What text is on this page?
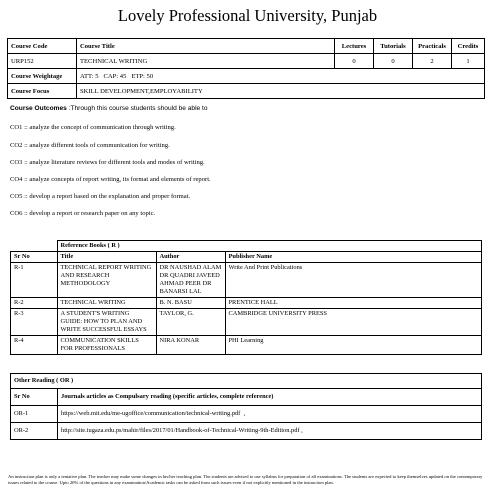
Lovely Professional University, Punjab
Course Code	Course Title	Lectures	Tutorials	Practicals	Credits
URP152	TECHNICAL WRITING	0	0	2	1
Course Weightage	ATT: 5   CAP: 45   ETP: 50				
Course Focus	SKILL DEVELOPMENT,EMPLOYABILITY				
Course Outcomes :Through this course students should be able to
CO1 :: analyze the concept of communication through writing.
CO2 :: analyze different tools of communication for writing.
CO3 :: analyze literature reviews for different tools and modes of writing.
CO4 :: analyze concepts of report writing, its format and elements of report.
CO5 :: develop a report based on the explanation and proper format.
CO6 :: develop a report or research paper on any topic.
	Reference Books ( R )		
Sr No	Title	Author	Publisher Name
R-1	TECHNICAL REPORT WRITING AND RESEARCH METHODOLOGY	DR NAUSHAD ALAM DR QUADRI JAVEED AHMAD PEER DR BANARSI LAL	Write And Print Publications
R-2	TECHNICAL WRITING	B. N. BASU	PRENTICE HALL
R-3	A STUDENT'S WRITING GUIDE: HOW TO PLAN AND WRITE SUCCESSFUL ESSAYS	TAYLOR, G.	CAMBRIDGE UNIVERSITY PRESS
R-4	COMMUNICATION SKILLS FOR PROFESSIONALS	NIRA KONAR	PHI Learning
Other Reading ( OR )	
Sr No	Journals articles as Compulsary reading (specific articles, complete reference)
OR-1	https://web.mit.edu/me-ugoffice/communication/technical-writing.pdf  ,
OR-2	http://site.iugaza.edu.ps/mahir/files/2017/01/Handbook-of-Technical-Writing-9th-Edition.pdf ,
An instruction plan is only a tentative plan. The teacher may make some changes in his/her teaching plan. The students are advised to use syllabus for preparation of all examinations. The students are expected to keep themselves updated on the contemporary issues related to the course. Upto 20% of the questions in any examination/Academic tasks can be asked from such issues even if not explicitly mentioned in the instruction plan.
